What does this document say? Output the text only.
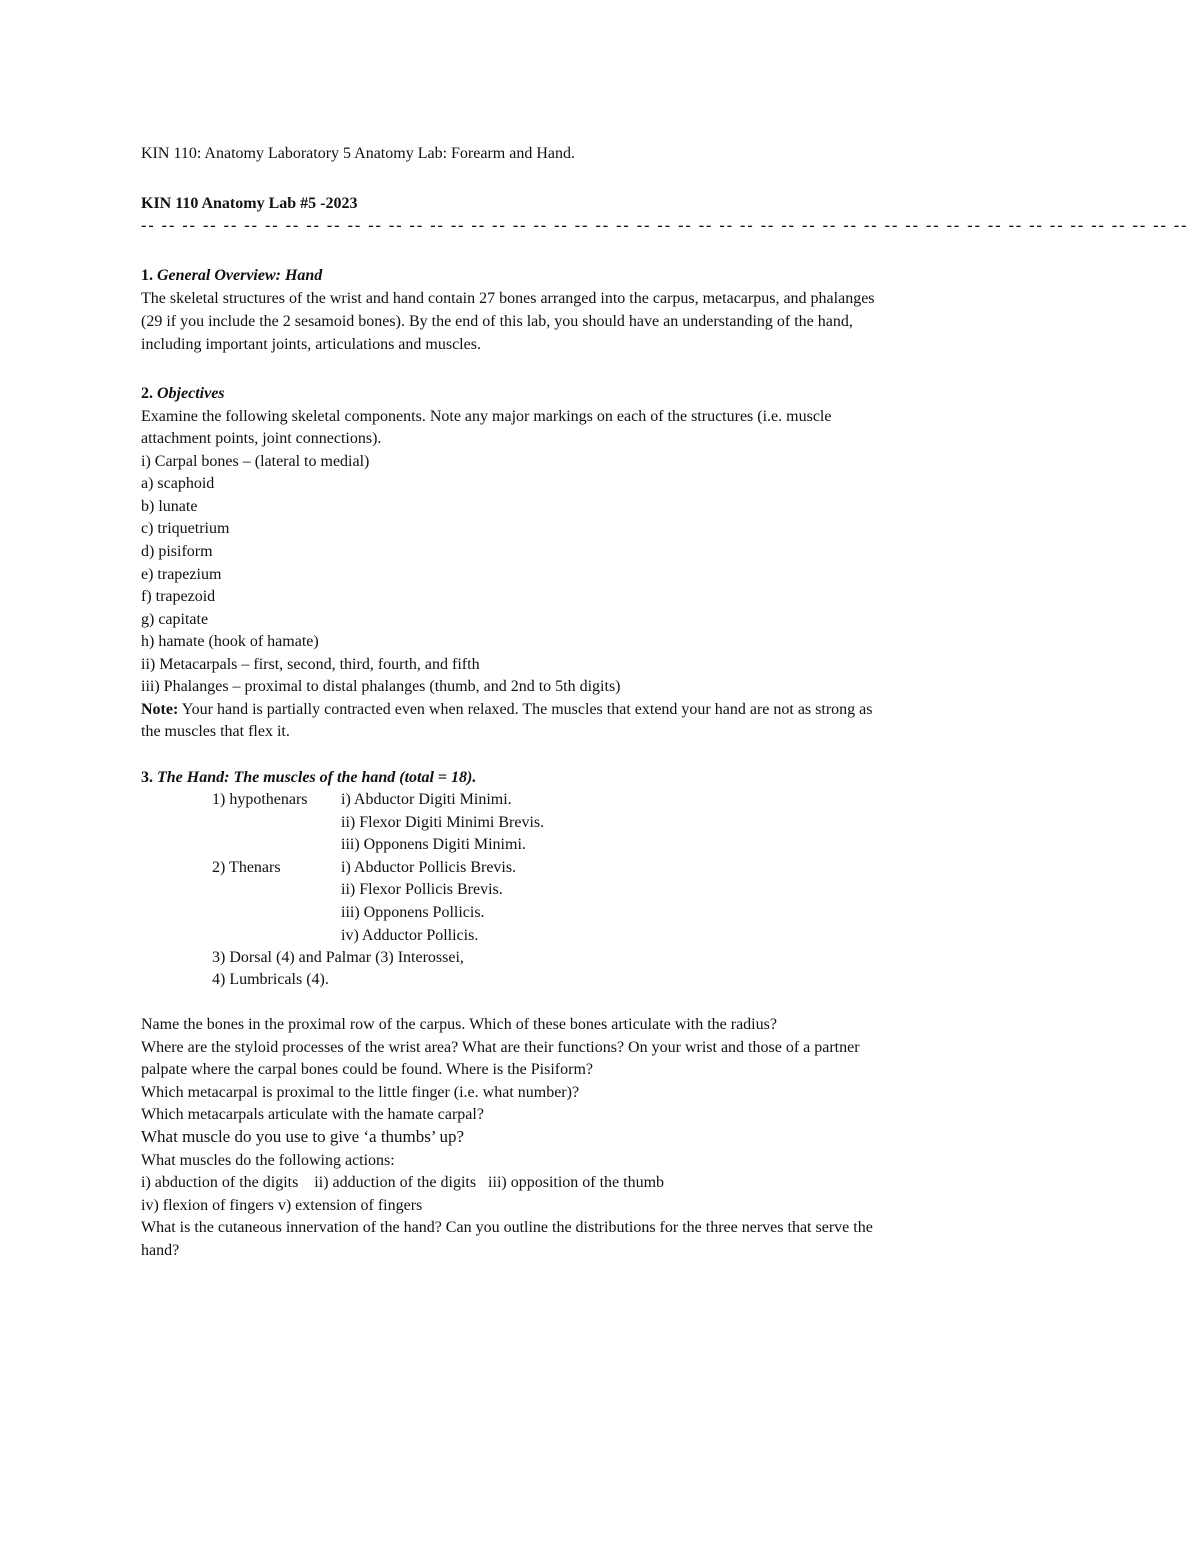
KIN 110: Anatomy Laboratory 5 Anatomy Lab: Forearm and Hand.
KIN 110 Anatomy Lab #5 -2023
-- -- -- -- -- -- -- -- -- -- -- -- -- -- -- -- -- -- -- -- -- -- -- -- -- -- -- -- -- -- -- -- -- -- -- -- -- -- -- -- -- -- -- -- -- -- -- -- -- -- --
1. General Overview: Hand
The skeletal structures of the wrist and hand contain 27 bones arranged into the carpus, metacarpus, and phalanges
(29 if you include the 2 sesamoid bones). By the end of this lab, you should have an understanding of the hand,
including important joints, articulations and muscles.
2. Objectives
Examine the following skeletal components. Note any major markings on each of the structures (i.e. muscle
attachment points, joint connections).
i) Carpal bones – (lateral to medial)
a) scaphoid
b) lunate
c) triquetrium
d) pisiform
e) trapezium
f) trapezoid
g) capitate
h) hamate (hook of hamate)
ii) Metacarpals – first, second, third, fourth, and fifth
iii) Phalanges – proximal to distal phalanges (thumb, and 2nd to 5th digits)
Note: Your hand is partially contracted even when relaxed. The muscles that extend your hand are not as strong as
the muscles that flex it.
3. The Hand: The muscles of the hand (total = 18).
1) hypothenars i) Abductor Digiti Minimi.
ii) Flexor Digiti Minimi Brevis.
iii) Opponens Digiti Minimi.
2) Thenars	i) Abductor Pollicis Brevis.
ii) Flexor Pollicis Brevis.
iii) Opponens Pollicis.
iv) Adductor Pollicis.
3) Dorsal (4) and Palmar (3) Interossei,
4) Lumbricals (4).
Name the bones in the proximal row of the carpus. Which of these bones articulate with the radius?
Where are the styloid processes of the wrist area? What are their functions? On your wrist and those of a partner
palpate where the carpal bones could be found. Where is the Pisiform?
Which metacarpal is proximal to the little finger (i.e. what number)?
Which metacarpals articulate with the hamate carpal?
What muscle do you use to give ‘a thumbs’ up?
What muscles do the following actions:
i) abduction of the digits    ii) adduction of the digits   iii) opposition of the thumb
iv) flexion of fingers v) extension of fingers
What is the cutaneous innervation of the hand? Can you outline the distributions for the three nerves that serve the
hand?
